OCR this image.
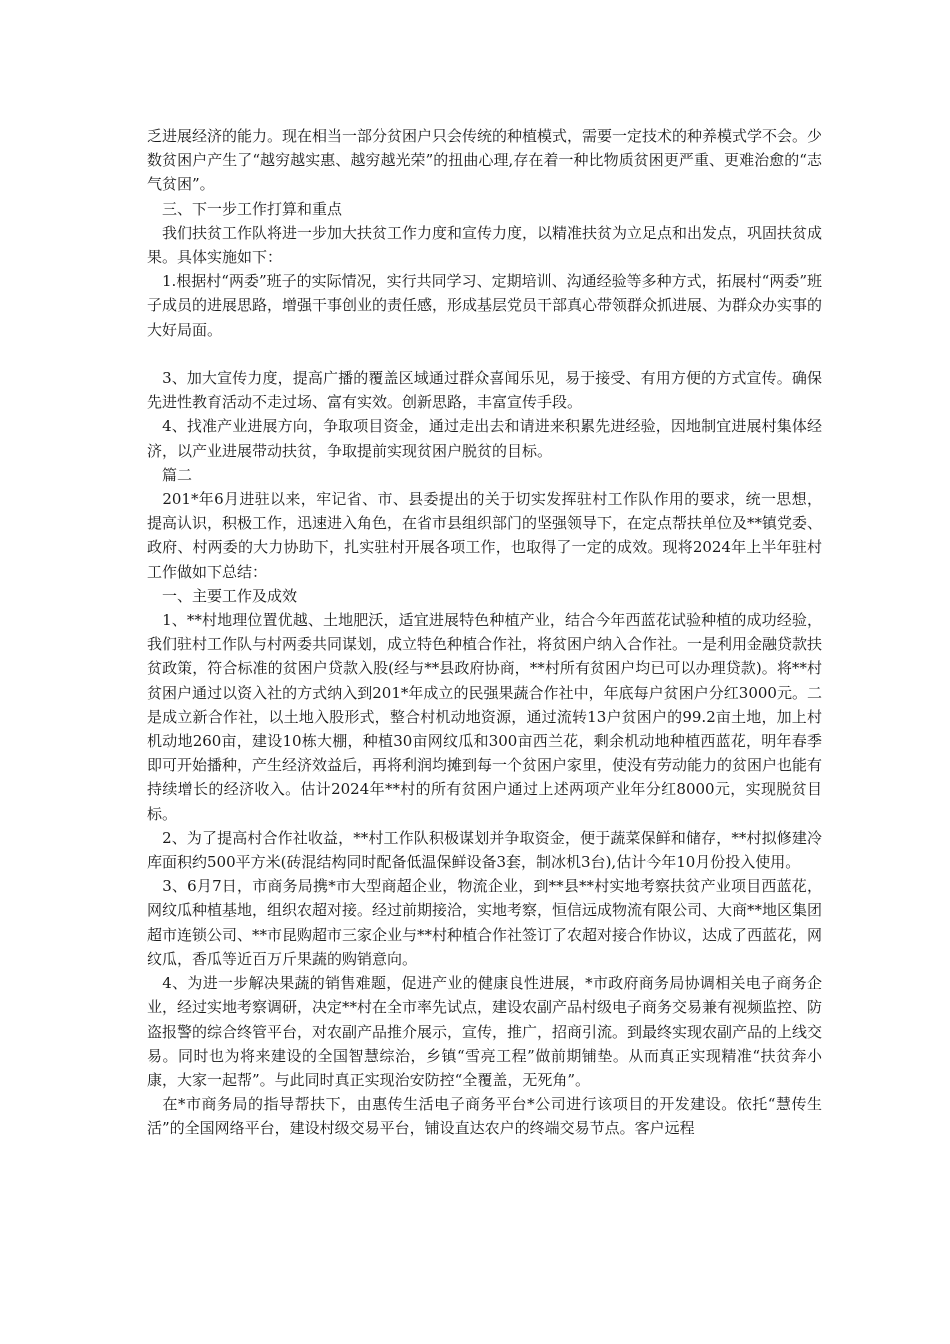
乏进展经济的能力。现在相当一部分贫困户只会传统的种植模式，需要一定技术的种养模式学不会。少数贫困户产生了“越穷越实惠、越穷越光荣”的扭曲心理,存在着一种比物质贫困更严重、更难治愈的“志气贫困”。

　三、下一步工作打算和重点

　我们扶贫工作队将进一步加大扶贫工作力度和宣传力度，以精准扶贫为立足点和出发点，巩固扶贫成果。具体实施如下：

　1.根据村“两委”班子的实际情况，实行共同学习、定期培训、沟通经验等多种方式，拓展村“两委”班子成员的进展思路，增强干事创业的责任感，形成基层党员干部真心带领群众抓进展、为群众办实事的大好局面。

　3、加大宣传力度，提高广播的覆盖区域通过群众喜闻乐见，易于接受、有用方便的方式宣传。确保先进性教育活动不走过场、富有实效。创新思路，丰富宣传手段。

　4、找准产业进展方向，争取项目资金，通过走出去和请进来积累先进经验，因地制宜进展村集体经济，以产业进展带动扶贫，争取提前实现贫困户脱贫的目标。

　篇二

　201*年6月进驻以来，牢记省、市、县委提出的关于切实发挥驻村工作队作用的要求，统一思想，提高认识，积极工作，迅速进入角色，在省市县组织部门的坚强领导下，在定点帮扶单位及**镇党委、政府、村两委的大力协助下，扎实驻村开展各项工作，也取得了一定的成效。现将2024年上半年驻村工作做如下总结：

　一、主要工作及成效

　1、**村地理位置优越、土地肥沃，适宜进展特色种植产业，结合今年西蓝花试验种植的成功经验，我们驻村工作队与村两委共同谋划，成立特色种植合作社，将贫困户纳入合作社。一是利用金融贷款扶贫政策，符合标准的贫困户贷款入股(经与**县政府协商，**村所有贫困户均已可以办理贷款)。将**村贫困户通过以资入社的方式纳入到201*年成立的民强果蔬合作社中，年底每户贫困户分红3000元。二是成立新合作社，以土地入股形式，整合村机动地资源，通过流转13户贫困户的99.2亩土地，加上村机动地260亩，建设10栋大棚，种植30亩网纹瓜和300亩西兰花，剩余机动地种植西蓝花，明年春季即可开始播种，产生经济效益后，再将利润均摊到每一个贫困户家里，使没有劳动能力的贫困户也能有持续增长的经济收入。估计2024年**村的所有贫困户通过上述两项产业年分红8000元，实现脱贫目标。

　2、为了提高村合作社收益，**村工作队积极谋划并争取资金，便于蔬菜保鲜和储存，**村拟修建冷库面积约500平方米(砖混结构同时配备低温保鲜设备3套，制冰机3台),估计今年10月份投入使用。

　3、6月7日，市商务局携*市大型商超企业，物流企业，到**县**村实地考察扶贫产业项目西蓝花，网纹瓜种植基地，组织农超对接。经过前期接洽，实地考察，恒信远成物流有限公司、大商**地区集团超市连锁公司、**市昆购超市三家企业与**村种植合作社签订了农超对接合作协议，达成了西蓝花，网纹瓜，香瓜等近百万斤果蔬的购销意向。

　4、为进一步解决果蔬的销售难题，促进产业的健康良性进展，*市政府商务局协调相关电子商务企业，经过实地考察调研，决定**村在全市率先试点，建设农副产品村级电子商务交易兼有视频监控、防盗报警的综合终管平台，对农副产品推介展示，宣传，推广，招商引流。到最终实现农副产品的上线交易。同时也为将来建设的全国智慧综治，乡镇“雪亮工程”做前期铺垫。从而真正实现精准“扶贫奔小康，大家一起帮”。与此同时真正实现治安防控“全覆盖，无死角”。

　在*市商务局的指导帮扶下，由惠传生活电子商务平台*公司进行该项目的开发建设。依托“慧传生活”的全国网络平台，建设村级交易平台，铺设直达农户的终端交易节点。客户远程
